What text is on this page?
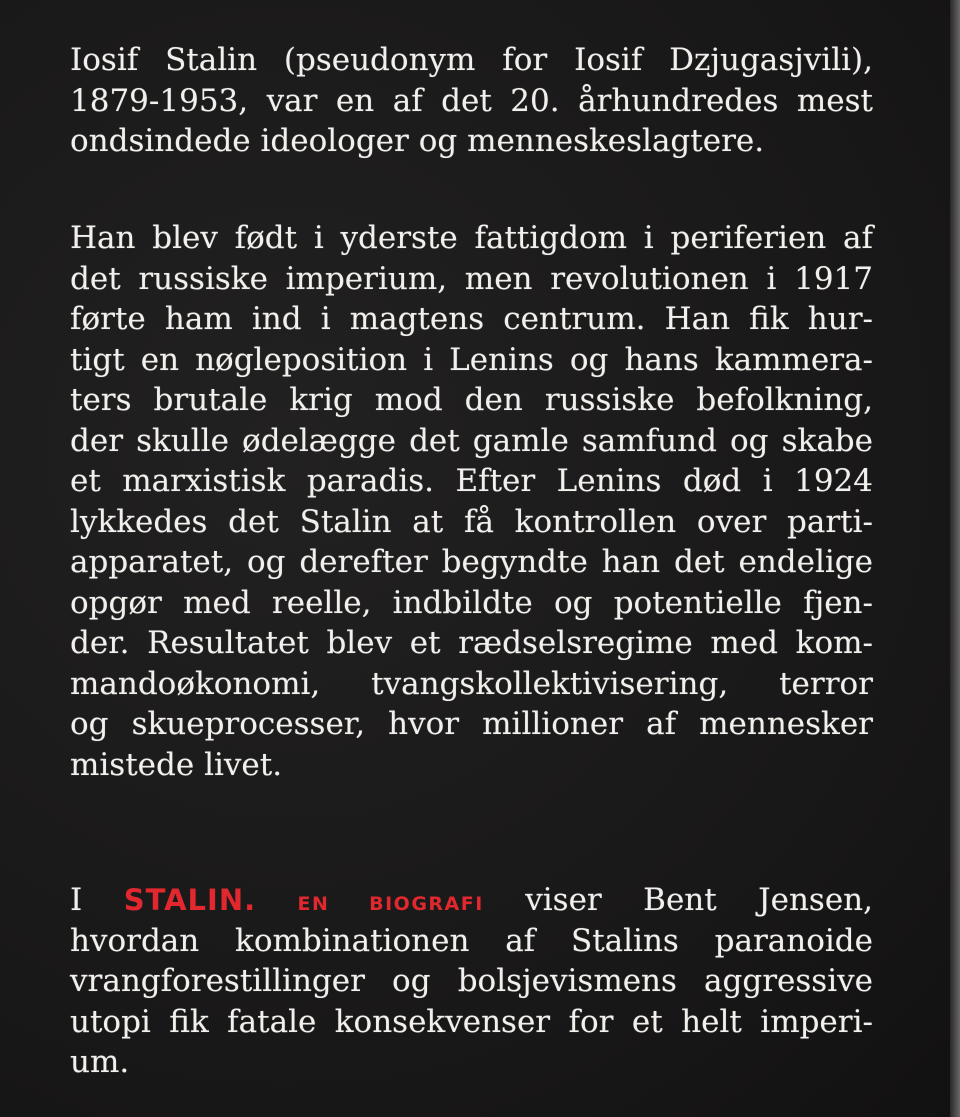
Iosif Stalin (pseudonym for Iosif Dzjugasjvili),
1879-1953, var en af det 20. århundredes mest
ondsindede ideologer og menneskeslagtere.
Han blev født i yderste fattigdom i periferien af
det russiske imperium, men revolutionen i 1917
førte ham ind i magtens centrum. Han fik hur-
tigt en nøgleposition i Lenins og hans kammera-
ters brutale krig mod den russiske befolkning,
der skulle ødelægge det gamle samfund og skabe
et marxistisk paradis. Efter Lenins død i 1924
lykkedes det Stalin at få kontrollen over parti-
apparatet, og derefter begyndte han det endelige
opgør med reelle, indbildte og potentielle fjen-
der. Resultatet blev et rædselsregime med kom-
mandoøkonomi, tvangskollektivisering, terror
og skueprocesser, hvor millioner af mennesker
mistede livet.
I STALIN. EN BIOGRAFI viser Bent Jensen,
hvordan kombinationen af Stalins paranoide
vrangforestillinger og bolsjevismens aggressive
utopi fik fatale konsekvenser for et helt imperi-
um.
